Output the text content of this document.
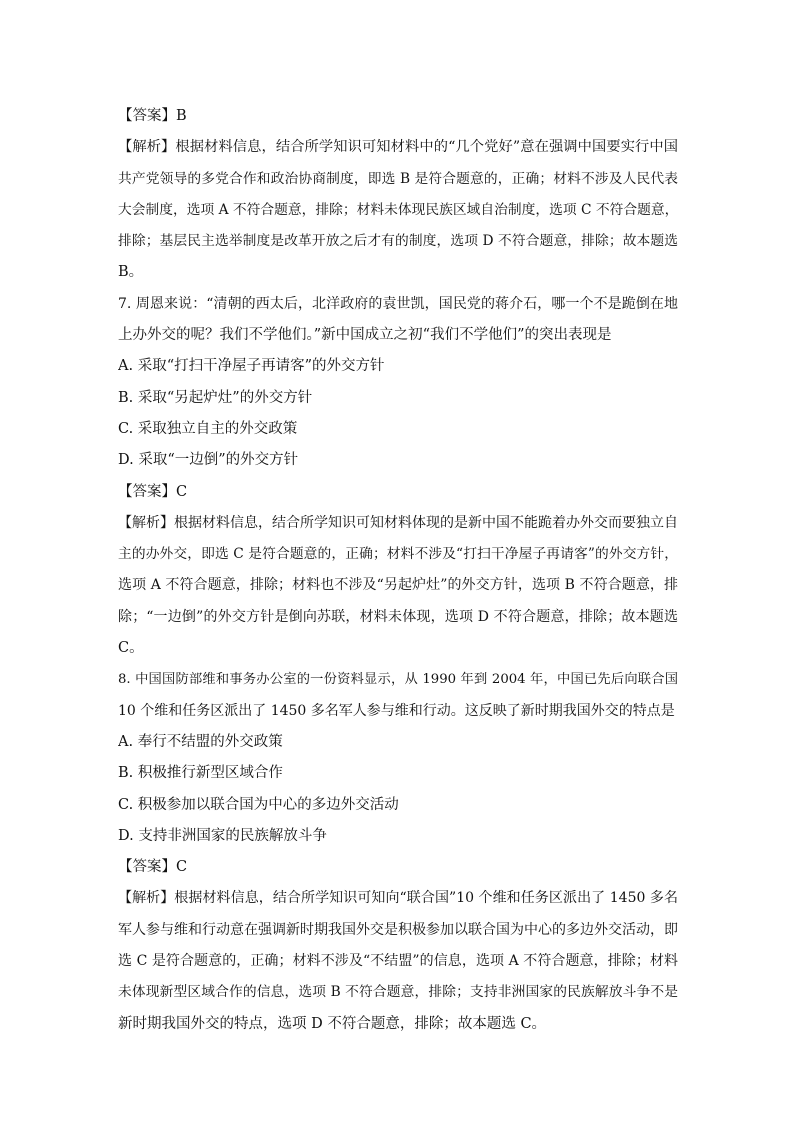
【答案】B
【解析】根据材料信息，结合所学知识可知材料中的“几个党好”意在强调中国要实行中国
共产党领导的多党合作和政治协商制度，即选 B 是符合题意的，正确；材料不涉及人民代表
大会制度，选项 A 不符合题意，排除；材料未体现民族区域自治制度，选项 C 不符合题意，
排除；基层民主选举制度是改革开放之后才有的制度，选项 D 不符合题意，排除；故本题选
B。
7. 周恩来说：“清朝的西太后，北洋政府的袁世凯，国民党的蒋介石，哪一个不是跪倒在地
上办外交的呢？我们不学他们。”新中国成立之初“我们不学他们”的突出表现是
A. 采取“打扫干净屋子再请客”的外交方针
B. 采取“另起炉灶”的外交方针
C. 采取独立自主的外交政策
D. 采取“一边倒”的外交方针
【答案】C
【解析】根据材料信息，结合所学知识可知材料体现的是新中国不能跪着办外交而要独立自
主的办外交，即选 C 是符合题意的，正确；材料不涉及“打扫干净屋子再请客”的外交方针，
选项 A 不符合题意，排除；材料也不涉及“另起炉灶”的外交方针，选项 B 不符合题意，排
除；“一边倒”的外交方针是倒向苏联，材料未体现，选项 D 不符合题意，排除；故本题选
C。
8. 中国国防部维和事务办公室的一份资料显示，从 1990 年到 2004 年，中国已先后向联合国
10 个维和任务区派出了 1450 多名军人参与维和行动。这反映了新时期我国外交的特点是
A. 奉行不结盟的外交政策
B. 积极推行新型区域合作
C. 积极参加以联合国为中心的多边外交活动
D. 支持非洲国家的民族解放斗争
【答案】C
【解析】根据材料信息，结合所学知识可知向“联合国”10 个维和任务区派出了 1450 多名
军人参与维和行动意在强调新时期我国外交是积极参加以联合国为中心的多边外交活动，即
选 C 是符合题意的，正确；材料不涉及“不结盟”的信息，选项 A 不符合题意，排除；材料
未体现新型区域合作的信息，选项 B 不符合题意，排除；支持非洲国家的民族解放斗争不是
新时期我国外交的特点，选项 D 不符合题意，排除；故本题选 C。
